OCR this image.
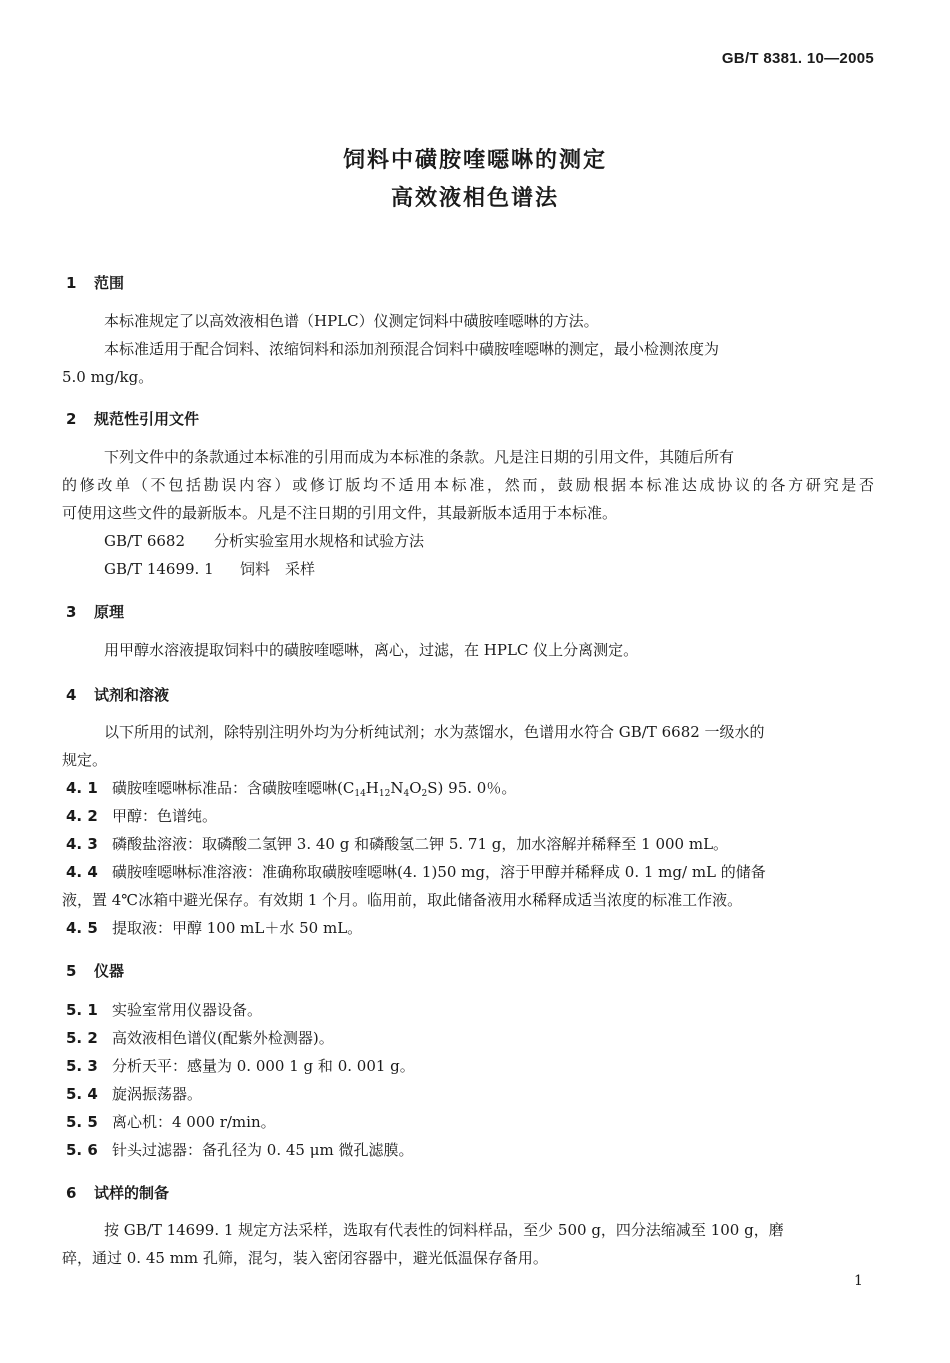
GB/T 8381. 10—2005
饲料中磺胺喹噁啉的测定
高效液相色谱法
1 范围
本标准规定了以高效液相色谱（HPLC）仪测定饲料中磺胺喹噁啉的方法。
本标准适用于配合饲料、浓缩饲料和添加剂预混合饲料中磺胺喹噁啉的测定，最小检测浓度为
5.0 mg/kg。
2 规范性引用文件
下列文件中的条款通过本标准的引用而成为本标准的条款。凡是注日期的引用文件，其随后所有
的修改单（不包括勘误内容）或修订版均不适用本标准，然而，鼓励根据本标准达成协议的各方研究是否
可使用这些文件的最新版本。凡是不注日期的引用文件，其最新版本适用于本标准。
GB/T 6682 分析实验室用水规格和试验方法
GB/T 14699. 1 饲料　采样
3 原理
用甲醇水溶液提取饲料中的磺胺喹噁啉，离心，过滤，在 HPLC 仪上分离测定。
4 试剂和溶液
以下所用的试剂，除特别注明外均为分析纯试剂；水为蒸馏水，色谱用水符合 GB/T 6682 一级水的
规定。
4. 1 磺胺喹噁啉标准品：含磺胺喹噁啉$(C_{14}H_{12}N_4O_2S)$ 95. 0％。
4. 2 甲醇：色谱纯。
4. 3 磷酸盐溶液：取磷酸二氢钾 3. 40 g 和磷酸氢二钾 5. 71 g，加水溶解并稀释至 1 000 mL。
4. 4 磺胺喹噁啉标准溶液：准确称取磺胺喹噁啉(4. 1)50 mg，溶于甲醇并稀释成 0. 1 mg/ mL 的储备
液，置 4℃冰箱中避光保存。有效期 1 个月。临用前，取此储备液用水稀释成适当浓度的标准工作液。
4. 5 提取液：甲醇 100 mL＋水 50 mL。
5 仪器
5. 1 实验室常用仪器设备。
5. 2 高效液相色谱仪(配紫外检测器)。
5. 3 分析天平：感量为 0. 000 1 g 和 0. 001 g。
5. 4 旋涡振荡器。
5. 5 离心机：4 000 r/min。
5. 6 针头过滤器：备孔径为 0. 45 μm 微孔滤膜。
6 试样的制备
按 GB/T 14699. 1 规定方法采样，选取有代表性的饲料样品，至少 500 g，四分法缩减至 100 g，磨
碎，通过 0. 45 mm 孔筛，混匀，装入密闭容器中，避光低温保存备用。
1
